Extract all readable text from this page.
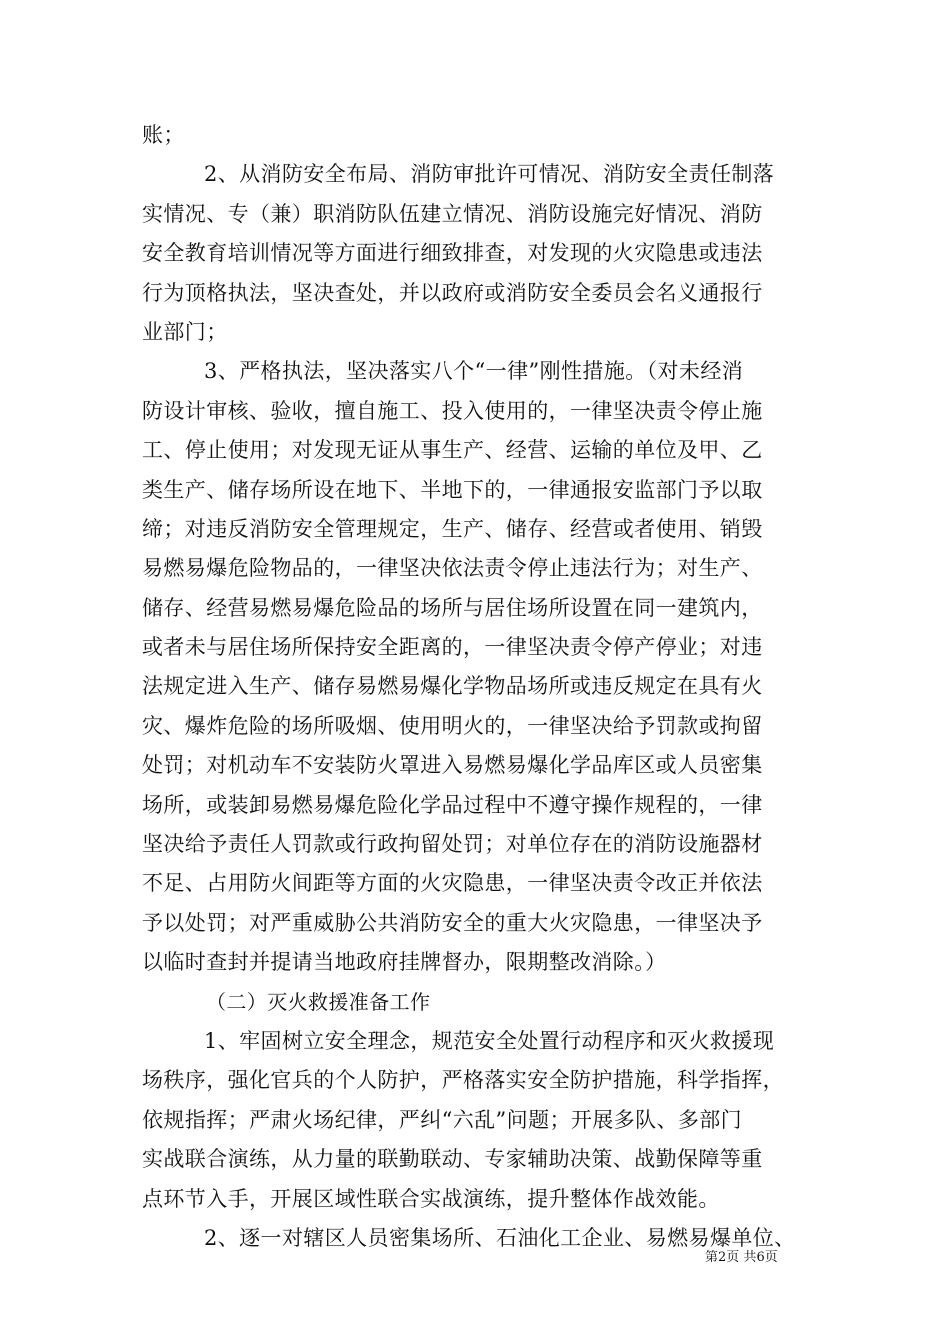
账；
2、从消防安全布局、消防审批许可情况、消防安全责任制落
实情况、专（兼）职消防队伍建立情况、消防设施完好情况、消防
安全教育培训情况等方面进行细致排查，对发现的火灾隐患或违法
行为顶格执法，坚决查处，并以政府或消防安全委员会名义通报行
业部门；
3、严格执法，坚决落实八个“一律”刚性措施。（对未经消
防设计审核、验收，擅自施工、投入使用的，一律坚决责令停止施
工、停止使用；对发现无证从事生产、经营、运输的单位及甲、乙
类生产、储存场所设在地下、半地下的，一律通报安监部门予以取
缔；对违反消防安全管理规定，生产、储存、经营或者使用、销毁
易燃易爆危险物品的，一律坚决依法责令停止违法行为；对生产、
储存、经营易燃易爆危险品的场所与居住场所设置在同一建筑内，
或者未与居住场所保持安全距离的，一律坚决责令停产停业；对违
法规定进入生产、储存易燃易爆化学物品场所或违反规定在具有火
灾、爆炸危险的场所吸烟、使用明火的，一律坚决给予罚款或拘留
处罚；对机动车不安装防火罩进入易燃易爆化学品库区或人员密集
场所，或装卸易燃易爆危险化学品过程中不遵守操作规程的，一律
坚决给予责任人罚款或行政拘留处罚；对单位存在的消防设施器材
不足、占用防火间距等方面的火灾隐患，一律坚决责令改正并依法
予以处罚；对严重威胁公共消防安全的重大火灾隐患，一律坚决予
以临时查封并提请当地政府挂牌督办，限期整改消除。）
（二）灭火救援准备工作
1、牢固树立安全理念，规范安全处置行动程序和灭火救援现
场秩序，强化官兵的个人防护，严格落实安全防护措施，科学指挥，
依规指挥；严肃火场纪律，严纠“六乱”问题；开展多队、多部门
实战联合演练，从力量的联勤联动、专家辅助决策、战勤保障等重
点环节入手，开展区域性联合实战演练，提升整体作战效能。
2、逐一对辖区人员密集场所、石油化工企业、易燃易爆单位、
第2页 共6页
